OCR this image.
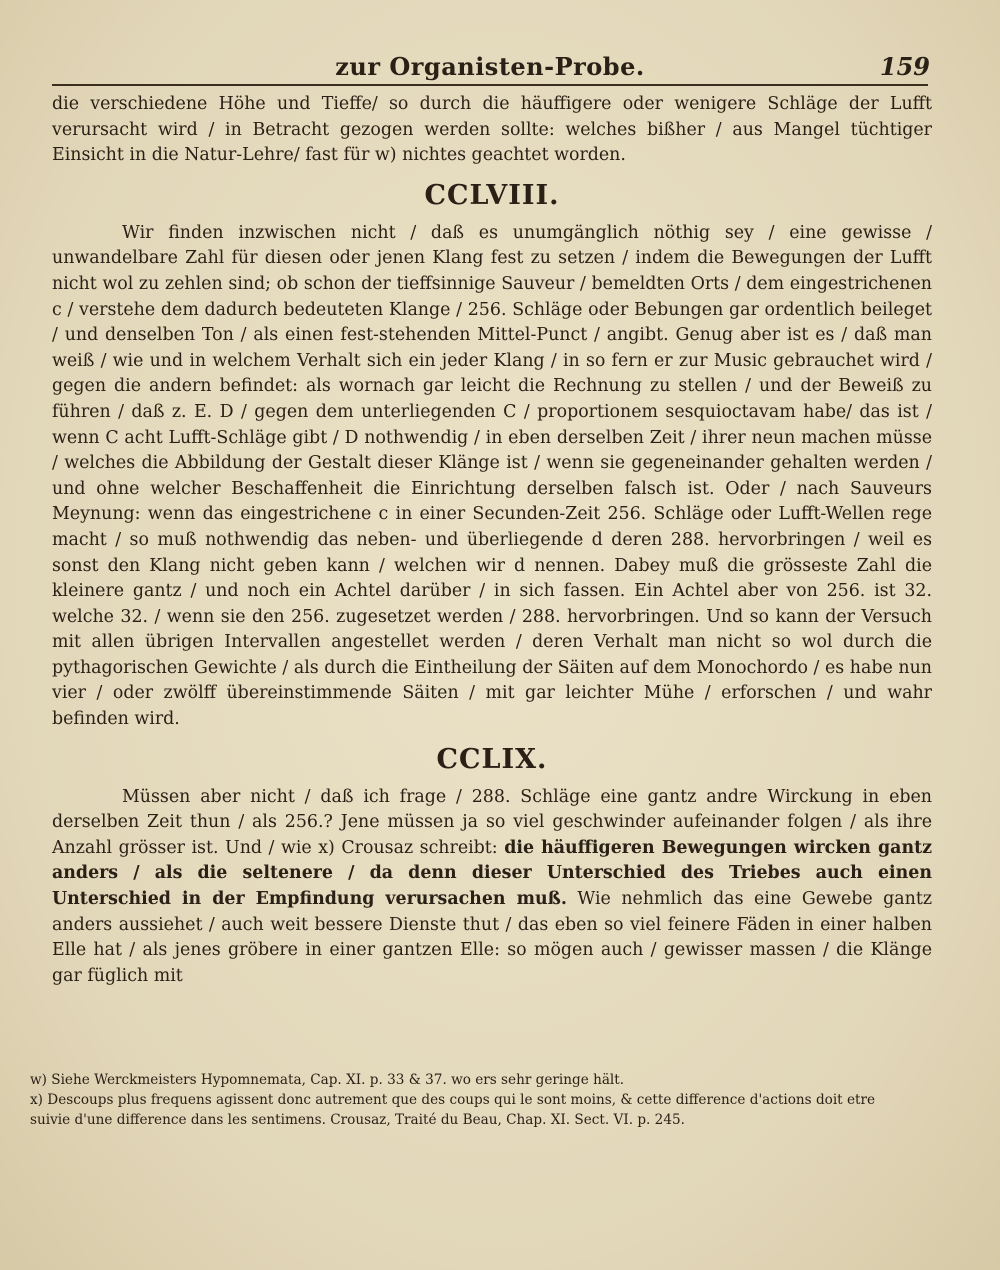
zur Organisten-Probe.	159

die verschiedene Höhe und Tieffe/ so durch die häuffigere oder wenigere Schläge der Lufft verursacht wird / in Betracht gezogen werden sollte: welches bißher / aus Mangel tüchtiger Einsicht in die Natur-Lehre/ fast für w) nichtes geachtet worden.

CCLVIII.

Wir finden inzwischen nicht / daß es unumgänglich nöthig sey / eine gewisse / unwandelbare Zahl für diesen oder jenen Klang fest zu setzen / indem die Bewegungen der Lufft nicht wol zu zehlen sind; ob schon der tieffsinnige Sauveur / bemeldten Orts / dem eingestrichenen c / verstehe dem dadurch bedeuteten Klange / 256. Schläge oder Bebungen gar ordentlich beileget / und denselben Ton / als einen fest-stehenden Mittel-Punct / angibt. Genug aber ist es / daß man weiß / wie und in welchem Verhalt sich ein jeder Klang / in so fern er zur Music gebrauchet wird / gegen die andern befindet: als wornach gar leicht die Rechnung zu stellen / und der Beweiß zu führen / daß z. E. D / gegen dem unterliegenden C / proportionem sesquioctavam habe/ das ist / wenn C acht Lufft-Schläge gibt / D nothwendig / in eben derselben Zeit / ihrer neun machen müsse / welches die Abbildung der Gestalt dieser Klänge ist / wenn sie gegeneinander gehalten werden / und ohne welcher Beschaffenheit die Einrichtung derselben falsch ist. Oder / nach Sauveurs Meynung: wenn das eingestrichene c in einer Secunden-Zeit 256. Schläge oder Lufft-Wellen rege macht / so muß nothwendig das neben- und überliegende d deren 288. hervorbringen / weil es sonst den Klang nicht geben kann / welchen wir d nennen. Dabey muß die grösseste Zahl die kleinere gantz / und noch ein Achtel darüber / in sich fassen. Ein Achtel aber von 256. ist 32. welche 32. / wenn sie den 256. zugesetzet werden / 288. hervorbringen. Und so kann der Versuch mit allen übrigen Intervallen angestellet werden / deren Verhalt man nicht so wol durch die pythagorischen Gewichte / als durch die Eintheilung der Säiten auf dem Monochordo / es habe nun vier / oder zwölff übereinstimmende Säiten / mit gar leichter Mühe / erforschen / und wahr befinden wird.

CCLIX.

Müssen aber nicht / daß ich frage / 288. Schläge eine gantz andre Wirckung in eben derselben Zeit thun / als 256.? Jene müssen ja so viel geschwinder aufeinander folgen / als ihre Anzahl grösser ist. Und / wie x) Crousaz schreibt: die häuffigeren Bewegungen wircken gantz anders / als die seltenere / da denn dieser Unterschied des Triebes auch einen Unterschied in der Empfindung verursachen muß. Wie nehmlich das eine Gewebe gantz anders aussiehet / auch weit bessere Dienste thut / das eben so viel feinere Fäden in einer halben Elle hat / als jenes gröbere in einer gantzen Elle: so mögen auch / gewisser massen / die Klänge gar füglich mit

w) Siehe Werckmeisters Hypomnemata, Cap. XI. p. 33 & 37. wo ers sehr geringe hält.

x) Descoups plus frequens agissent donc autrement que des coups qui le sont moins, & cette difference d'actions doit etre suivie d'une difference dans les sentimens. Crousaz, Traité du Beau, Chap. XI. Sect. VI. p. 245.
